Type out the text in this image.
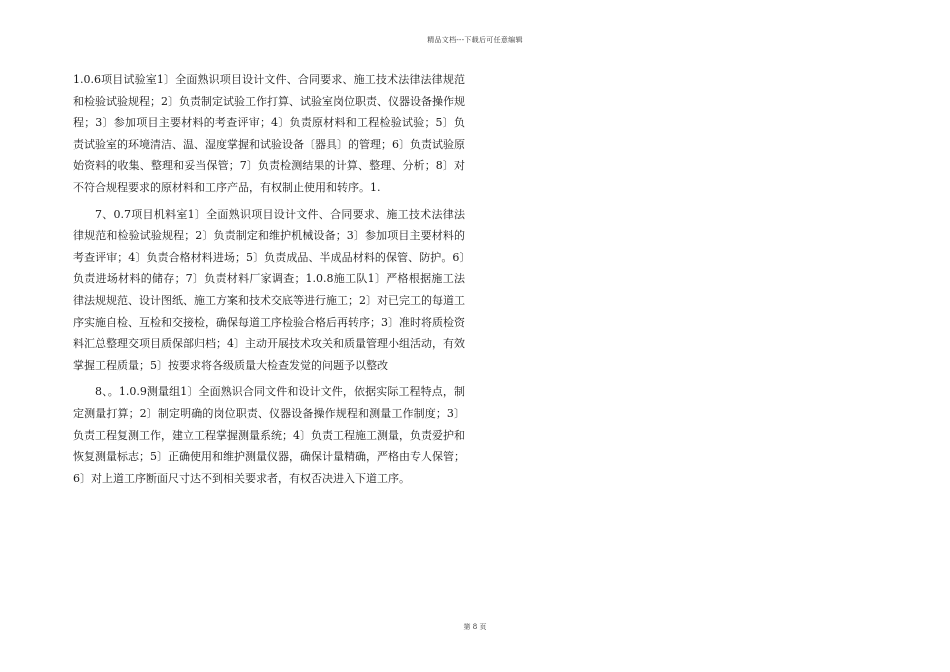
精品文档---下载后可任意编辑

1.0.6项目试验室1〕全面熟识项目设计文件、合同要求、施工技术法律法律规范和检验试验规程；2〕负责制定试验工作打算、试验室岗位职责、仪器设备操作规程；3〕参加项目主要材料的考查评审；4〕负责原材料和工程检验试验；5〕负责试验室的环境清洁、温、湿度掌握和试验设备〔器具〕的管理；6〕负责试验原始资料的收集、整理和妥当保管；7〕负责检测结果的计算、整理、分析；8〕对不符合规程要求的原材料和工序产品，有权制止使用和转序。1.

7、0.7项目机料室1〕全面熟识项目设计文件、合同要求、施工技术法律法律规范和检验试验规程；2〕负责制定和维护机械设备；3〕参加项目主要材料的考查评审；4〕负责合格材料进场；5〕负责成品、半成品材料的保管、防护。6〕负责进场材料的储存；7〕负责材料厂家调查；1.0.8施工队1〕严格根据施工法律法规规范、设计图纸、施工方案和技术交底等进行施工；2〕对已完工的每道工序实施自检、互检和交接检，确保每道工序检验合格后再转序；3〕准时将质检资料汇总整理交项目质保部归档；4〕主动开展技术攻关和质量管理小组活动，有效掌握工程质量；5〕按要求将各级质量大检查发觉的问题予以整改

8、。1.0.9测量组1〕全面熟识合同文件和设计文件，依据实际工程特点，制定测量打算；2〕制定明确的岗位职责、仪器设备操作规程和测量工作制度；3〕负责工程复测工作，建立工程掌握测量系统；4〕负责工程施工测量，负责爱护和恢复测量标志；5〕正确使用和维护测量仪器，确保计量精确，严格由专人保管；6〕对上道工序断面尺寸达不到相关要求者，有权否决进入下道工序。

第 8 页
